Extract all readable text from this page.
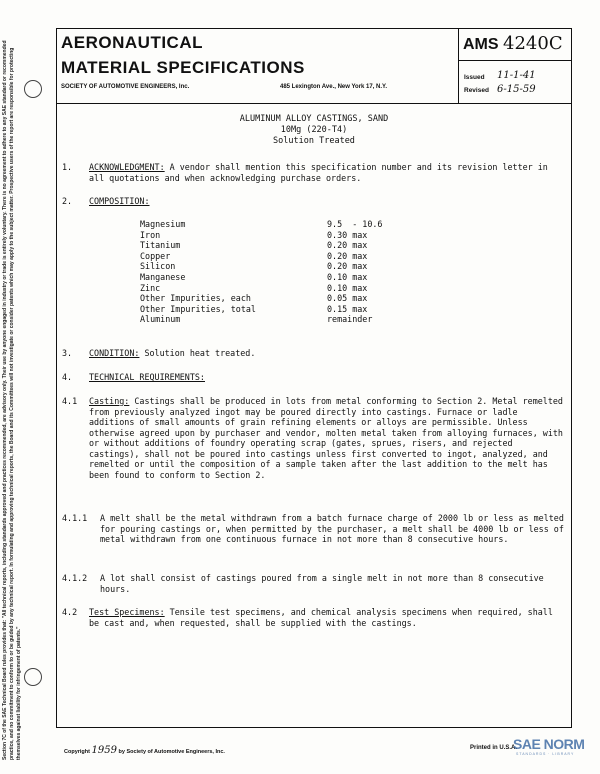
Section 7C of the SAE Technical Board rules provides that: "All technical reports, including standards approved and practices recommended, are advisory only. Their use by anyone engaged in industry or trade is entirely voluntary. There is no agreement to adhere to any SAE standard or recommended practice, and no commitment to conform to or be guided by any technical report. In formulating and approving technical reports, the Board and its Committees will not investigate or consider patents which may apply to the subject matter. Prospective users of the report are responsible for protecting themselves against liability for infringement of patents."
AERONAUTICAL
MATERIAL SPECIFICATIONS
SOCIETY OF AUTOMOTIVE ENGINEERS, Inc.	485 Lexington Ave., New York 17, N.Y.
AMS 4240C
Issued 11-1-41
Revised 6-15-59
ALUMINUM ALLOY CASTINGS, SAND
10Mg (220-T4)
Solution Treated
1. ACKNOWLEDGMENT: A vendor shall mention this specification number and its revision letter in all quotations and when acknowledging purchase orders.
2. COMPOSITION:
Magnesium
Iron
Titanium
Copper
Silicon
Manganese
Zinc
Other Impurities, each
Other Impurities, total
Aluminum
9.5  - 10.6
0.30 max
0.20 max
0.20 max
0.20 max
0.10 max
0.10 max
0.05 max
0.15 max
remainder
3. CONDITION: Solution heat treated.
4. TECHNICAL REQUIREMENTS:
4.1 Casting: Castings shall be produced in lots from metal conforming to Section 2. Metal remelted from previously analyzed ingot may be poured directly into castings. Furnace or ladle additions of small amounts of grain refining elements or alloys are permissible. Unless otherwise agreed upon by purchaser and vendor, molten metal taken from alloying furnaces, with or without additions of foundry operating scrap (gates, sprues, risers, and rejected castings), shall not be poured into castings unless first converted to ingot, analyzed, and remelted or until the composition of a sample taken after the last addition to the melt has been found to conform to Section 2.
4.1.1 A melt shall be the metal withdrawn from a batch furnace charge of 2000 lb or less as melted for pouring castings or, when permitted by the purchaser, a melt shall be 4000 lb or less of metal withdrawn from one continuous furnace in not more than 8 consecutive hours.
4.1.2 A lot shall consist of castings poured from a single melt in not more than 8 consecutive hours.
4.2 Test Specimens: Tensile test specimens, and chemical analysis specimens when required, shall be cast and, when requested, shall be supplied with the castings.
Copyright 1959 by Society of Automotive Engineers, Inc.
Printed in U.S.A.
SAE NORM
STANDARDS · LIBRARY
